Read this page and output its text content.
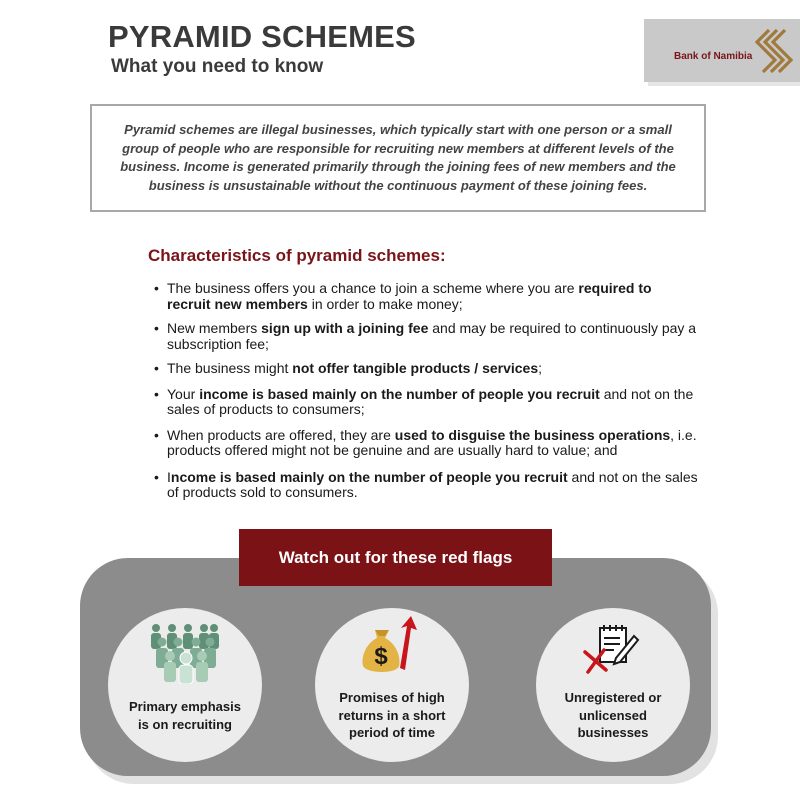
PYRAMID SCHEMES
What you need to know	Bank of Namibia
Pyramid schemes are illegal businesses, which typically start with one person or a small group of people who are responsible for recruiting new members at different levels of the business. Income is generated primarily through the joining fees of new members and the business is unsustainable without the continuous payment of these joining fees.
Characteristics of pyramid schemes:
• The business offers you a chance to join a scheme where you are required to recruit new members in order to make money;
• New members sign up with a joining fee and may be required to continuously pay a subscription fee;
• The business might not offer tangible products / services;
• Your income is based mainly on the number of people you recruit and not on the sales of products to consumers;
• When products are offered, they are used to disguise the business operations, i.e. products offered might not be genuine and are usually hard to value; and
• Income is based mainly on the number of people you recruit and not on the sales of products sold to consumers.
Watch out for these red flags
Primary emphasis is on recruiting
$
Promises of high returns in a short period of time
Unregistered or unlicensed businesses
